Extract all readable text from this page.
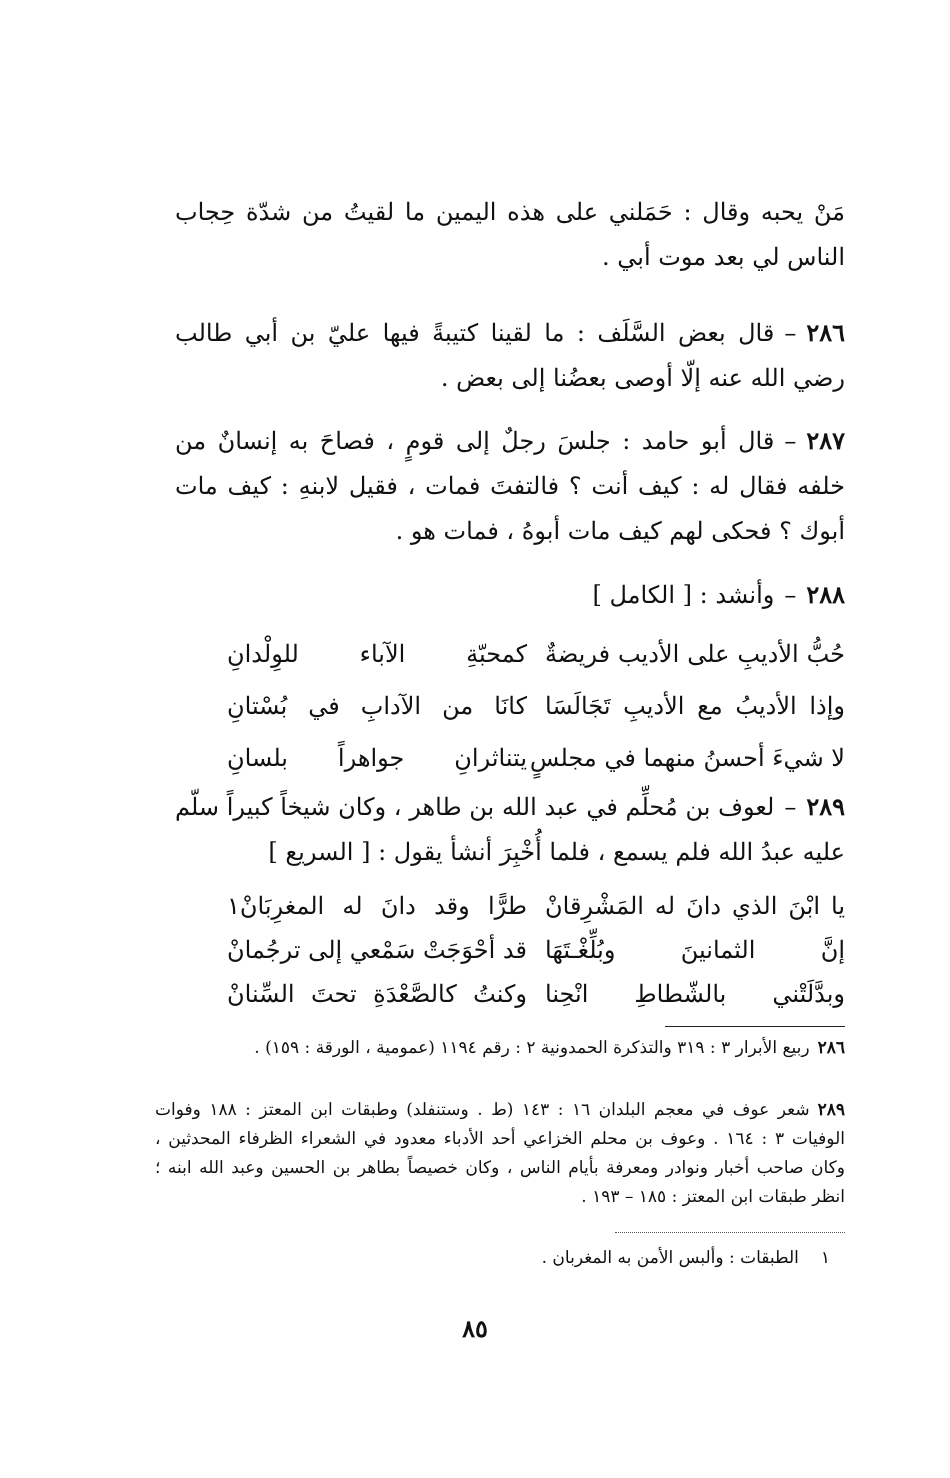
مَنْ يحبه وقال : حَمَلني على هذه اليمين ما لقيتُ من شدّة حِجاب الناس لي بعد موت أبي .

٢٨٦–قال بعض السَّلَف : ما لقينا كتيبةً فيها عليّ بن أبي طالب رضي الله عنه إلّا أوصى بعضُنا إلى بعض .

٢٨٧–قال أبو حامد : جلسَ رجلٌ إلى قومٍ ، فصاحَ به إنسانٌ من خلفه فقال له : كيف أنت ؟ فالتفتَ فمات ، فقيل لابنهِ : كيف مات أبوك ؟ فحكى لهم كيف مات أبوهُ ، فمات هو .

٢٨٨–وأنشد : [ الكامل ]
حُبُّ الأديبِ على الأديب فريضةٌ
كمحبّةِ الآباء للوِلْدانِ
وإذا الأديبُ مع الأديبِ تَجَالَسَا
كانَا من الآدابِ في بُسْتانِ
لا شيءَ أحسنُ منهما في مجلسٍ
يتناثرانِ جواهراً بلسانِ

٢٨٩–لعوف بن مُحلِّم في عبد الله بن طاهر ، وكان شيخاً كبيراً سلّم عليه عبدُ الله فلم يسمع ، فلما أُخْبِرَ أنشأ يقول : [ السريع ]

يا ابْنَ الذي دانَ له المَشْرِقانْ
طرًّا وقد دانَ له المغرِبَانْ١
إنَّ الثمانينَ وبُلِّغْـتَهَا
قد أحْوَجَتْ سَمْعي إلى ترجُمانْ
وبدَّلَتْني بالشّطاطِ انْحِنا
وكنتُ كالصَّعْدَةِ تحتَ السِّنانْ

٢٨٦ربيع الأبرار ٣ : ٣١٩ والتذكرة الحمدونية ٢ : رقم ١١٩٤ (عمومية ، الورقة : ١٥٩) .

٢٨٩شعر عوف في معجم البلدان ١٦ : ١٤٣ (ط . وستنفلد) وطبقات ابن المعتز : ١٨٨ وفوات الوفيات ٣ : ١٦٤ . وعوف بن محلم الخزاعي أحد الأدباء معدود في الشعراء الظرفاء المحدثين ، وكان صاحب أخبار ونوادر ومعرفة بأيام الناس ، وكان خصيصاً بطاهر بن الحسين وعبد الله ابنه ؛ انظر طبقات ابن المعتز : ١٨٥ – ١٩٣ .

١الطبقات : وألبس الأمن به المغربان .
٨٥
